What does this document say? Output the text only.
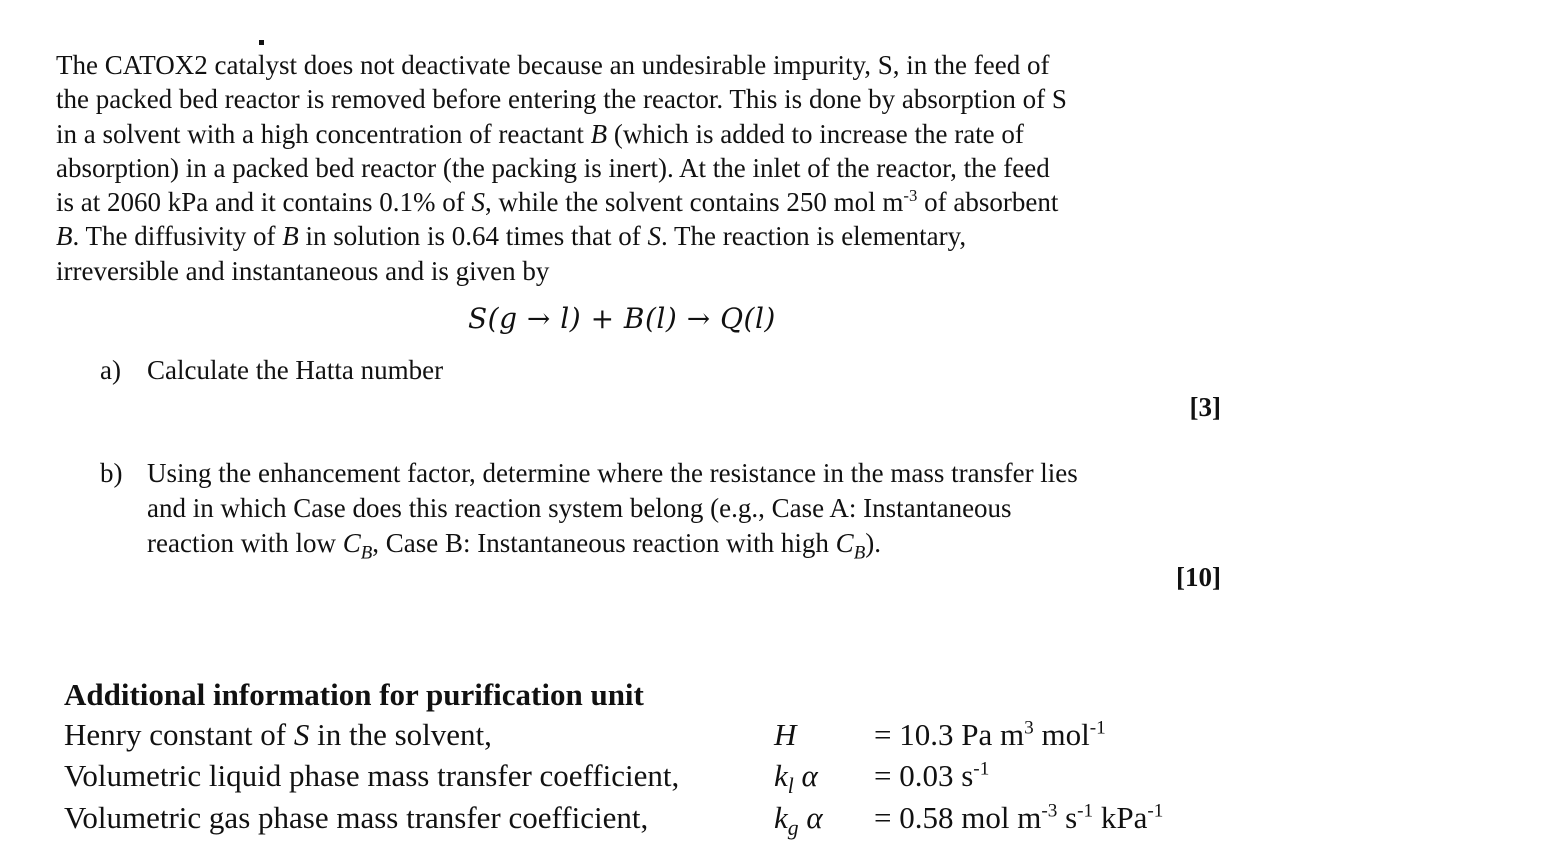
The CATOX2 catalyst does not deactivate because an undesirable impurity, S, in the feed of

the packed bed reactor is removed before entering the reactor. This is done by absorption of S

in a solvent with a high concentration of reactant B (which is added to increase the rate of

absorption) in a packed bed reactor (the packing is inert). At the inlet of the reactor, the feed

is at 2060 kPa and it contains 0.1% of S, while the solvent contains 250 mol $m^{-3}$ of absorbent

B. The diffusivity of B in solution is 0.64 times that of S. The reaction is elementary,

irreversible and instantaneous and is given by

S(g → l) + B(l) → Q(l)
a) Calculate the Hatta number
[3]
b) Using the enhancement factor, determine where the resistance in the mass transfer lies
and in which Case does this reaction system belong (e.g., Case A: Instantaneous
reaction with low $C_B$, Case B: Instantaneous reaction with high $C_B$).
[10]
Additional information for purification unit
Henry constant of S in the solvent,	H	= 10.3 Pa $m^3$ mol$^{-1}$
Volumetric liquid phase mass transfer coefficient,	$k_l$ α = 0.03 $s^{-1}$
Volumetric gas phase mass transfer coefficient,	$k_g$ α = 0.58 mol $m^{-3}$ $s^{-1}$ kPa$^{-1}$
